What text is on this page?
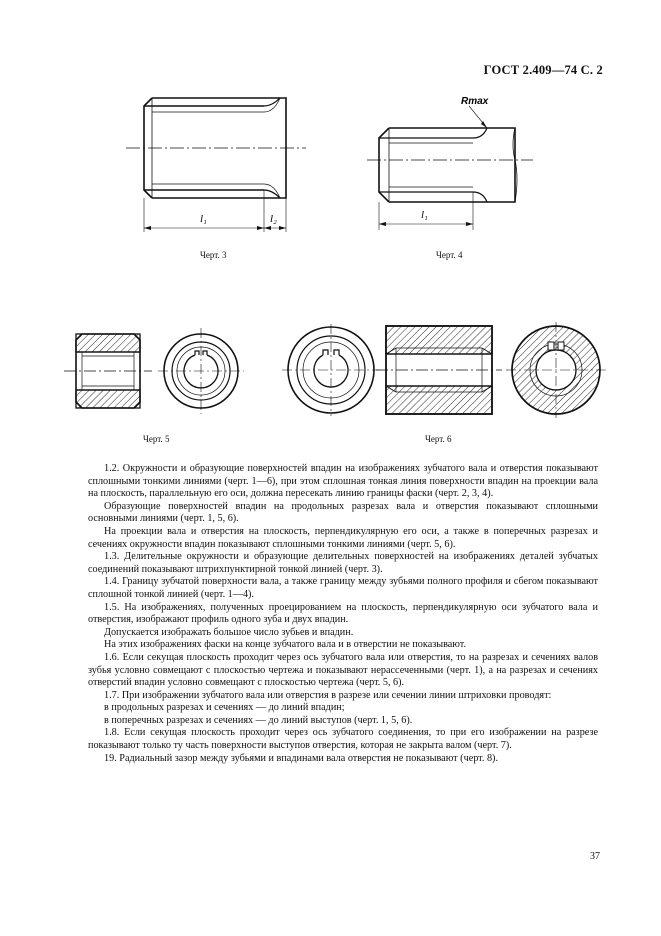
ГОСТ 2.409—74 С. 2
l₁	l₂
Черт. 3
Rmax
l₁
Черт. 4
Черт. 5	Черт. 6

1.2. Окружности и образующие поверхностей впадин на изображениях зубчатого вала и отверстия показывают сплошными тонкими линиями (черт. 1—6), при этом сплошная тонкая линия поверхности впадин на проекции вала на плоскость, параллельную его оси, должна пересекать линию границы фаски (черт. 2, 3, 4).

Образующие поверхностей впадин на продольных разрезах вала и отверстия показывают сплошными основными линиями (черт. 1, 5, 6).

На проекции вала и отверстия на плоскость, перпендикулярную его оси, а также в поперечных разрезах и сечениях окружности впадин показывают сплошными тонкими линиями (черт. 5, 6).

1.3. Делительные окружности и образующие делительных поверхностей на изображениях деталей зубчатых соединений показывают штрихпунктирной тонкой линией (черт. 3).

1.4. Границу зубчатой поверхности вала, а также границу между зубьями полного профиля и сбегом показывают сплошной тонкой линией (черт. 1—4).

1.5. На изображениях, полученных проецированием на плоскость, перпендикулярную оси зубчатого вала и отверстия, изображают профиль одного зуба и двух впадин.

Допускается изображать большое число зубьев и впадин.

На этих изображениях фаски на конце зубчатого вала и в отверстии не показывают.

1.6. Если секущая плоскость проходит через ось зубчатого вала или отверстия, то на разрезах и сечениях валов зубья условно совмещают с плоскостью чертежа и показывают нерассеченными (черт. 1), а на разрезах и сечениях отверстий впадин условно совмещают с плоскостью чертежа (черт. 5, 6).

1.7. При изображении зубчатого вала или отверстия в разрезе или сечении линии штриховки проводят:

в продольных разрезах и сечениях — до линий впадин;

в поперечных разрезах и сечениях — до линий выступов (черт. 1, 5, 6).

1.8. Если секущая плоскость проходит через ось зубчатого соединения, то при его изображении на разрезе показывают только ту часть поверхности выступов отверстия, которая не закрыта валом (черт. 7).

19. Радиальный зазор между зубьями и впадинами вала отверстия не показывают (черт. 8).

37
